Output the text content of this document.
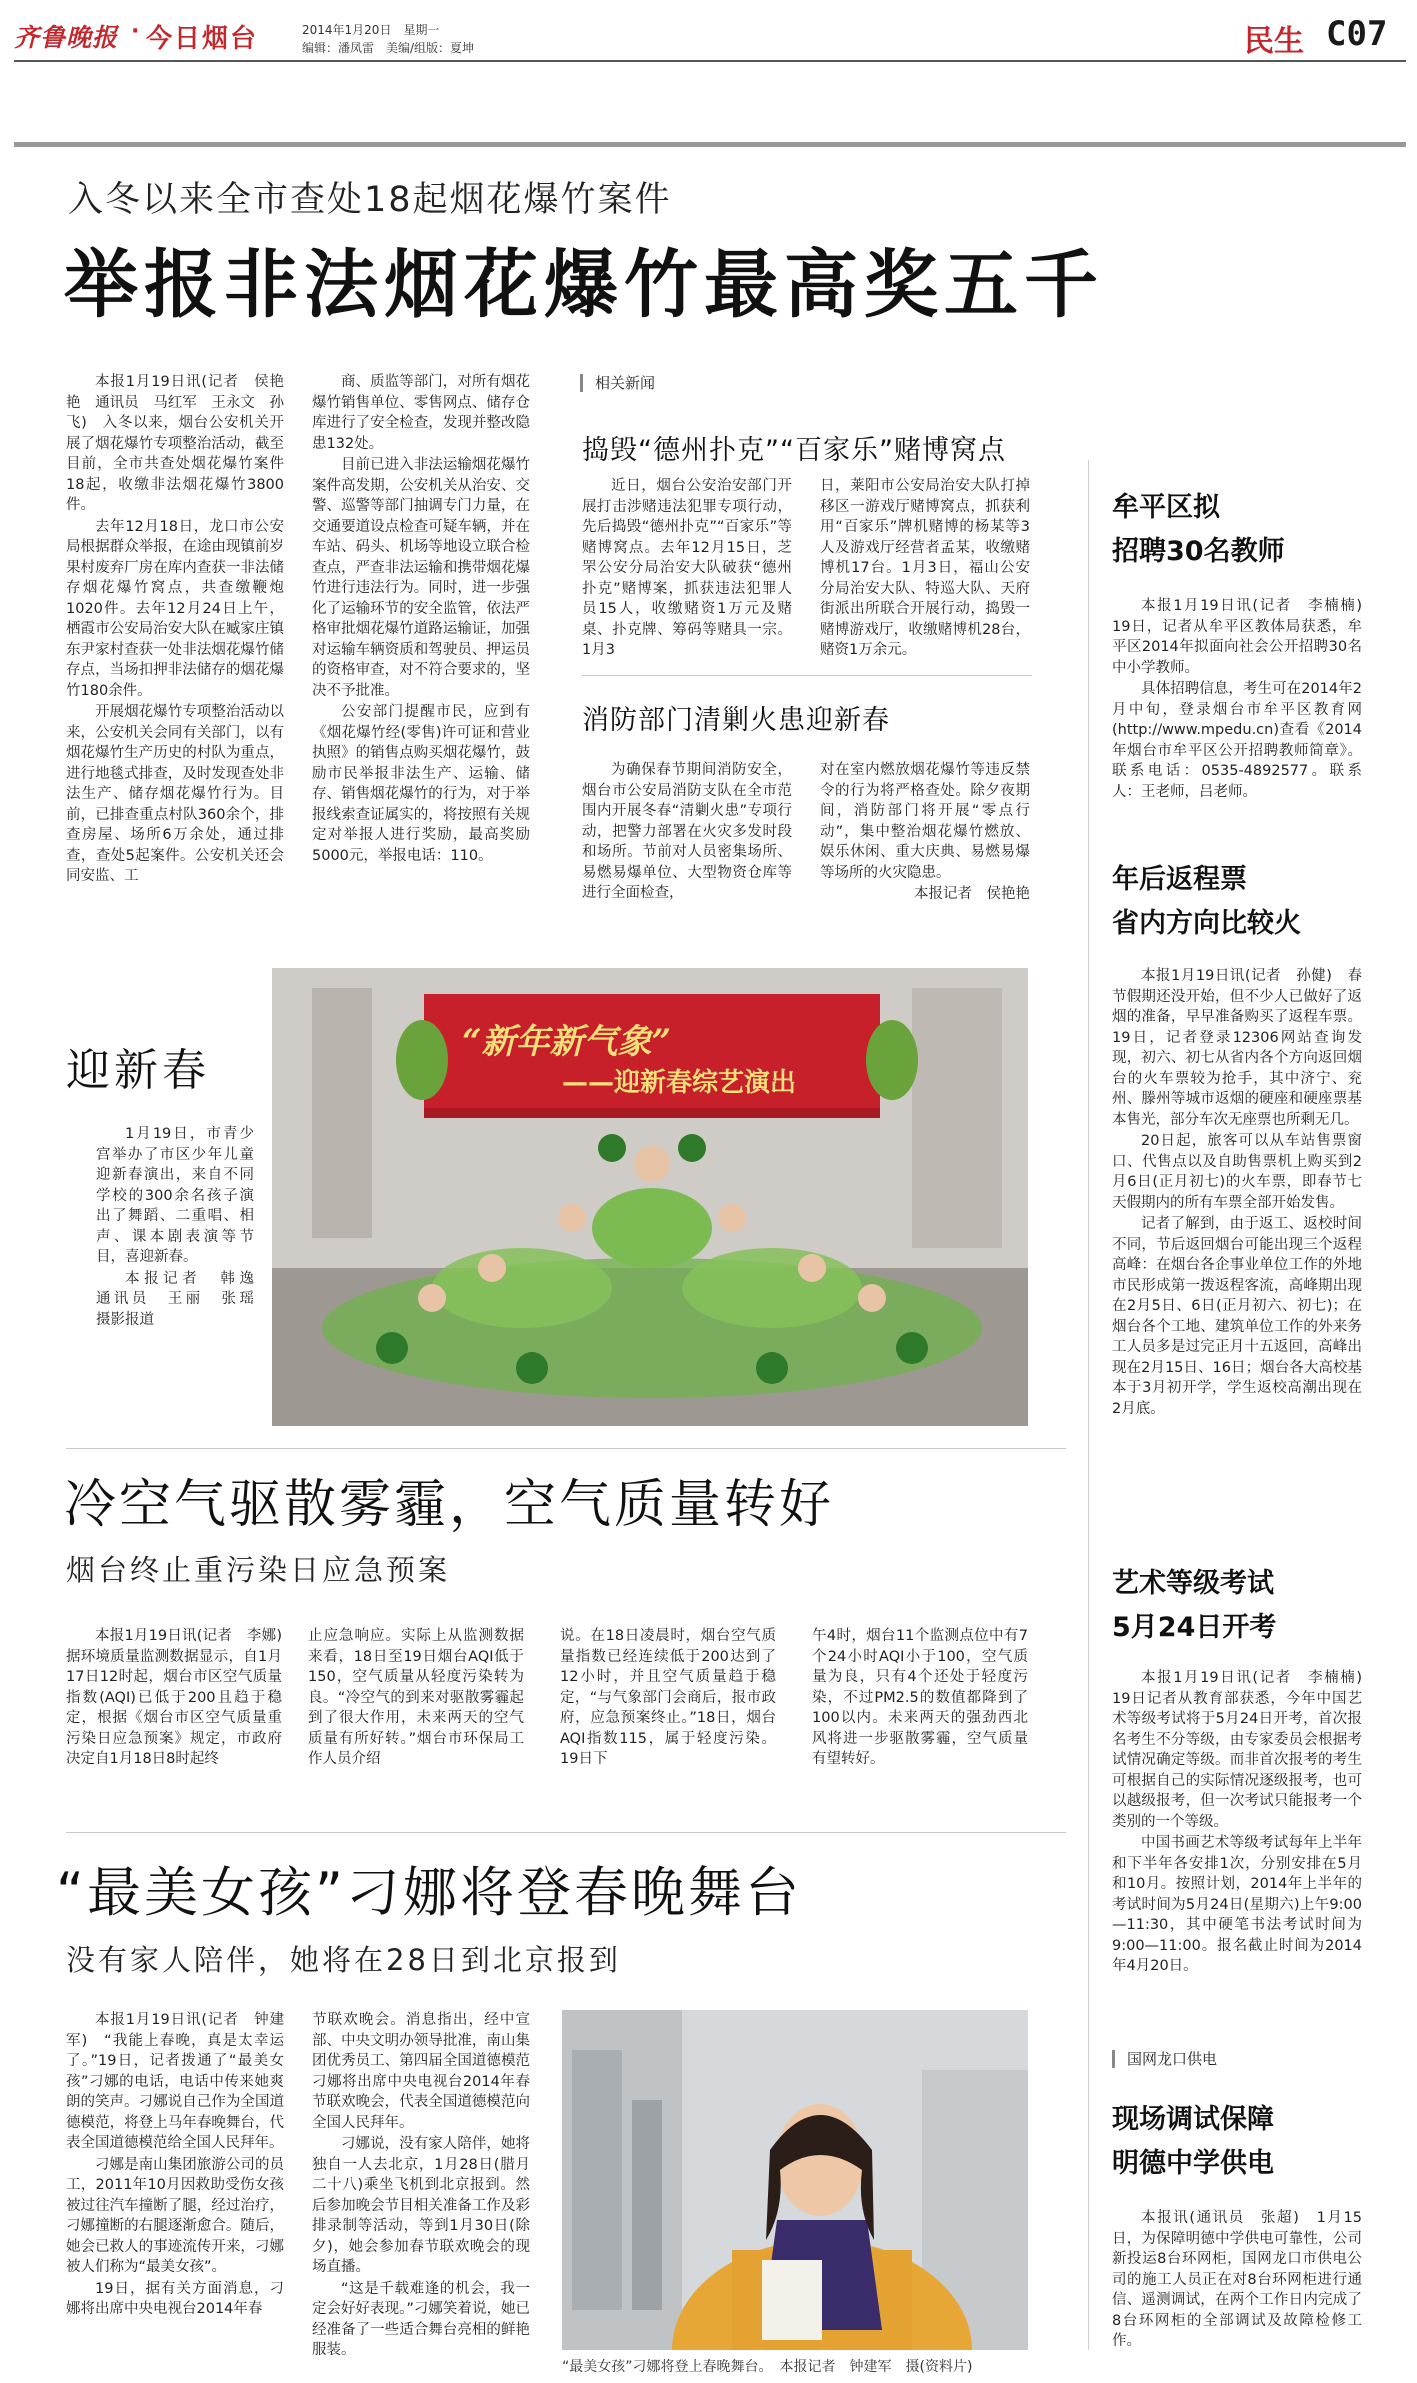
齐鲁晚报 · 今日烟台	2014年1月20日　星期一
编辑：潘凤雷　美编/组版：夏坤	民生 C07
入冬以来全市查处18起烟花爆竹案件
举报非法烟花爆竹最高奖五千

本报1月19日讯(记者　侯艳艳　通讯员　马红军　王永文　孙飞)　入冬以来，烟台公安机关开展了烟花爆竹专项整治活动，截至目前，全市共查处烟花爆竹案件18起，收缴非法烟花爆竹3800件。

去年12月18日，龙口市公安局根据群众举报，在途由现镇前岁果村废弃厂房在库内查获一非法储存烟花爆竹窝点，共查缴鞭炮1020件。去年12月24日上午，栖霞市公安局治安大队在臧家庄镇东尹家村查获一处非法烟花爆竹储存点，当场扣押非法储存的烟花爆竹180余件。

开展烟花爆竹专项整治活动以来，公安机关会同有关部门，以有烟花爆竹生产历史的村队为重点，进行地毯式排查，及时发现查处非法生产、储存烟花爆竹行为。目前，已排查重点村队360余个，排查房屋、场所6万余处，通过排查，查处5起案件。公安机关还会同安监、工

商、质监等部门，对所有烟花爆竹销售单位、零售网点、储存仓库进行了安全检查，发现并整改隐患132处。

目前已进入非法运输烟花爆竹案件高发期，公安机关从治安、交警、巡警等部门抽调专门力量，在交通要道设点检查可疑车辆，并在车站、码头、机场等地设立联合检查点，严查非法运输和携带烟花爆竹进行违法行为。同时，进一步强化了运输环节的安全监管，依法严格审批烟花爆竹道路运输证，加强对运输车辆资质和驾驶员、押运员的资格审查，对不符合要求的，坚决不予批准。

公安部门提醒市民，应到有《烟花爆竹经(零售)许可证和营业执照》的销售点购买烟花爆竹，鼓励市民举报非法生产、运输、储存、销售烟花爆竹的行为，对于举报线索查证属实的，将按照有关规定对举报人进行奖励，最高奖励5000元，举报电话：110。

相关新闻
捣毁“德州扑克”“百家乐”赌博窝点

近日，烟台公安治安部门开展打击涉赌违法犯罪专项行动，先后捣毁“德州扑克”“百家乐”等赌博窝点。去年12月15日，芝罘公安分局治安大队破获“德州扑克”赌博案，抓获违法犯罪人员15人，收缴赌资1万元及赌桌、扑克牌、筹码等赌具一宗。1月3

日，莱阳市公安局治安大队打掉移区一游戏厅赌博窝点，抓获利用“百家乐”牌机赌博的杨某等3人及游戏厅经营者孟某，收缴赌博机17台。1月3日，福山公安分局治安大队、特巡大队、天府街派出所联合开展行动，捣毁一赌博游戏厅，收缴赌博机28台，赌资1万余元。

消防部门清剿火患迎新春

为确保春节期间消防安全，烟台市公安局消防支队在全市范围内开展冬春“清剿火患”专项行动，把警力部署在火灾多发时段和场所。节前对人员密集场所、易燃易爆单位、大型物资仓库等进行全面检查，

对在室内燃放烟花爆竹等违反禁令的行为将严格查处。除夕夜期间，消防部门将开展“零点行动”，集中整治烟花爆竹燃放、娱乐休闲、重大庆典、易燃易爆等场所的火灾隐患。

本报记者　侯艳艳

牟平区拟
招聘30名教师

本报1月19日讯(记者　李楠楠)　19日，记者从牟平区教体局获悉，牟平区2014年拟面向社会公开招聘30名中小学教师。

具体招聘信息，考生可在2014年2月中旬，登录烟台市牟平区教育网(http://www.mpedu.cn)查看《2014年烟台市牟平区公开招聘教师简章》。联系电话：0535-4892577。联系人：王老师，吕老师。

年后返程票
省内方向比较火

本报1月19日讯(记者　孙健)　春节假期还没开始，但不少人已做好了返烟的准备，早早准备购买了返程车票。19日，记者登录12306网站查询发现，初六、初七从省内各个方向返回烟台的火车票较为抢手，其中济宁、兖州、滕州等城市返烟的硬座和硬座票基本售光，部分车次无座票也所剩无几。

20日起，旅客可以从车站售票窗口、代售点以及自助售票机上购买到2月6日(正月初七)的火车票，即春节七天假期内的所有车票全部开始发售。

记者了解到，由于返工、返校时间不同，节后返回烟台可能出现三个返程高峰：在烟台各企事业单位工作的外地市民形成第一拨返程客流，高峰期出现在2月5日、6日(正月初六、初七)；在烟台各个工地、建筑单位工作的外来务工人员多是过完正月十五返回，高峰出现在2月15日、16日；烟台各大高校基本于3月初开学，学生返校高潮出现在2月底。

艺术等级考试
5月24日开考

本报1月19日讯(记者　李楠楠)　19日记者从教育部获悉，今年中国艺术等级考试将于5月24日开考，首次报名考生不分等级，由专家委员会根据考试情况确定等级。而非首次报考的考生可根据自己的实际情况逐级报考，也可以越级报考，但一次考试只能报考一个类别的一个等级。

中国书画艺术等级考试每年上半年和下半年各安排1次，分别安排在5月和10月。按照计划，2014年上半年的考试时间为5月24日(星期六)上午9:00—11:30，其中硬笔书法考试时间为9:00—11:00。报名截止时间为2014年4月20日。

国网龙口供电
现场调试保障
明德中学供电

本报讯(通讯员　张超)　1月15日，为保障明德中学供电可靠性，公司新投运8台环网柜，国网龙口市供电公司的施工人员正在对8台环网柜进行通信、遥测调试，在两个工作日内完成了8台环网柜的全部调试及故障检修工作。

迎新春

1月19日，市青少宫举办了市区少年儿童迎新春演出，来自不同学校的300余名孩子演出了舞蹈、二重唱、相声、课本剧表演等节目，喜迎新春。

本报记者　韩逸　通讯员　王丽　张瑶　摄影报道

“新年新气象”
——迎新春综艺演出
冷空气驱散雾霾，空气质量转好
烟台终止重污染日应急预案

本报1月19日讯(记者　李娜)　据环境质量监测数据显示，自1月17日12时起，烟台市区空气质量指数(AQI)已低于200且趋于稳定，根据《烟台市区空气质量重污染日应急预案》规定，市政府决定自1月18日8时起终

止应急响应。实际上从监测数据来看，18日至19日烟台AQI低于150，空气质量从轻度污染转为良。“冷空气的到来对驱散雾霾起到了很大作用，未来两天的空气质量有所好转。”烟台市环保局工作人员介绍

说。在18日凌晨时，烟台空气质量指数已经连续低于200达到了12小时，并且空气质量趋于稳定，“与气象部门会商后，报市政府，应急预案终止。”18日，烟台AQI指数115，属于轻度污染。19日下

午4时，烟台11个监测点位中有7个24小时AQI小于100，空气质量为良，只有4个还处于轻度污染，不过PM2.5的数值都降到了100以内。未来两天的强劲西北风将进一步驱散雾霾，空气质量有望转好。

“最美女孩”刁娜将登春晚舞台
没有家人陪伴，她将在28日到北京报到

本报1月19日讯(记者　钟建军)　“我能上春晚，真是太幸运了。”19日，记者拨通了“最美女孩”刁娜的电话，电话中传来她爽朗的笑声。刁娜说自己作为全国道德模范，将登上马年春晚舞台，代表全国道德模范给全国人民拜年。

刁娜是南山集团旅游公司的员工，2011年10月因救助受伤女孩被过往汽车撞断了腿，经过治疗，刁娜撞断的右腿逐渐愈合。随后，她会已救人的事迹流传开来，刁娜被人们称为“最美女孩”。

19日，据有关方面消息，刁娜将出席中央电视台2014年春

节联欢晚会。消息指出，经中宣部、中央文明办领导批准，南山集团优秀员工、第四届全国道德模范刁娜将出席中央电视台2014年春节联欢晚会，代表全国道德模范向全国人民拜年。

刁娜说，没有家人陪伴，她将独自一人去北京，1月28日(腊月二十八)乘坐飞机到北京报到。然后参加晚会节目相关准备工作及彩排录制等活动，等到1月30日(除夕)，她会参加春节联欢晚会的现场直播。

“这是千载难逢的机会，我一定会好好表现。”刁娜笑着说，她已经准备了一些适合舞台亮相的鲜艳服装。

“最美女孩”刁娜将登上春晚舞台。　本报记者　钟建军　摄(资料片)
